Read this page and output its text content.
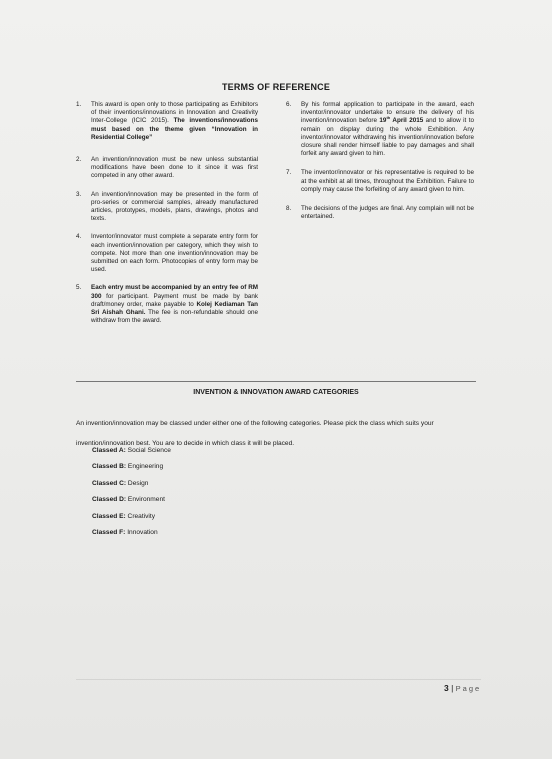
TERMS OF REFERENCE
1.	This award is open only to those participating as Exhibitors of their inventions/innovations in Innovation and Creativity Inter-College (ICIC 2015). The inventions/innovations must based on the theme given “Innovation in Residential College”
2.	An invention/innovation must be new unless substantial modifications have been done to it since it was first competed in any other award.
3.	An invention/innovation may be presented in the form of pro-series or commercial samples, already manufactured articles, prototypes, models, plans, drawings, photos and texts.
4.	Inventor/innovator must complete a separate entry form for each invention/innovation per category, which they wish to compete. Not more than one invention/innovation may be submitted on each form. Photocopies of entry form may be used.
5.	Each entry must be accompanied by an entry fee of RM 300 for participant. Payment must be made by bank draft/money order, make payable to Kolej Kediaman Tan Sri Aishah Ghani. The fee is non-refundable should one withdraw from the award.
6.	By his formal application to participate in the award, each inventor/innovator undertake to ensure the delivery of his invention/innovation before 19th April 2015 and to allow it to remain on display during the whole Exhibition. Any inventor/innovator withdrawing his invention/innovation before closure shall render himself liable to pay damages and shall forfeit any award given to him.
7.	The inventor/innovator or his representative is required to be at the exhibit at all times, throughout the Exhibition. Failure to comply may cause the forfeiting of any award given to him.
8.	The decisions of the judges are final. Any complain will not be entertained.
INVENTION & INNOVATION AWARD CATEGORIES
An invention/innovation may be classed under either one of the following categories. Please pick the class which suits your invention/innovation best. You are to decide in which class it will be placed.
Classed A: Social Science
Classed B: Engineering
Classed C: Design
Classed D: Environment
Classed E: Creativity
Classed F: Innovation
3 | Page
